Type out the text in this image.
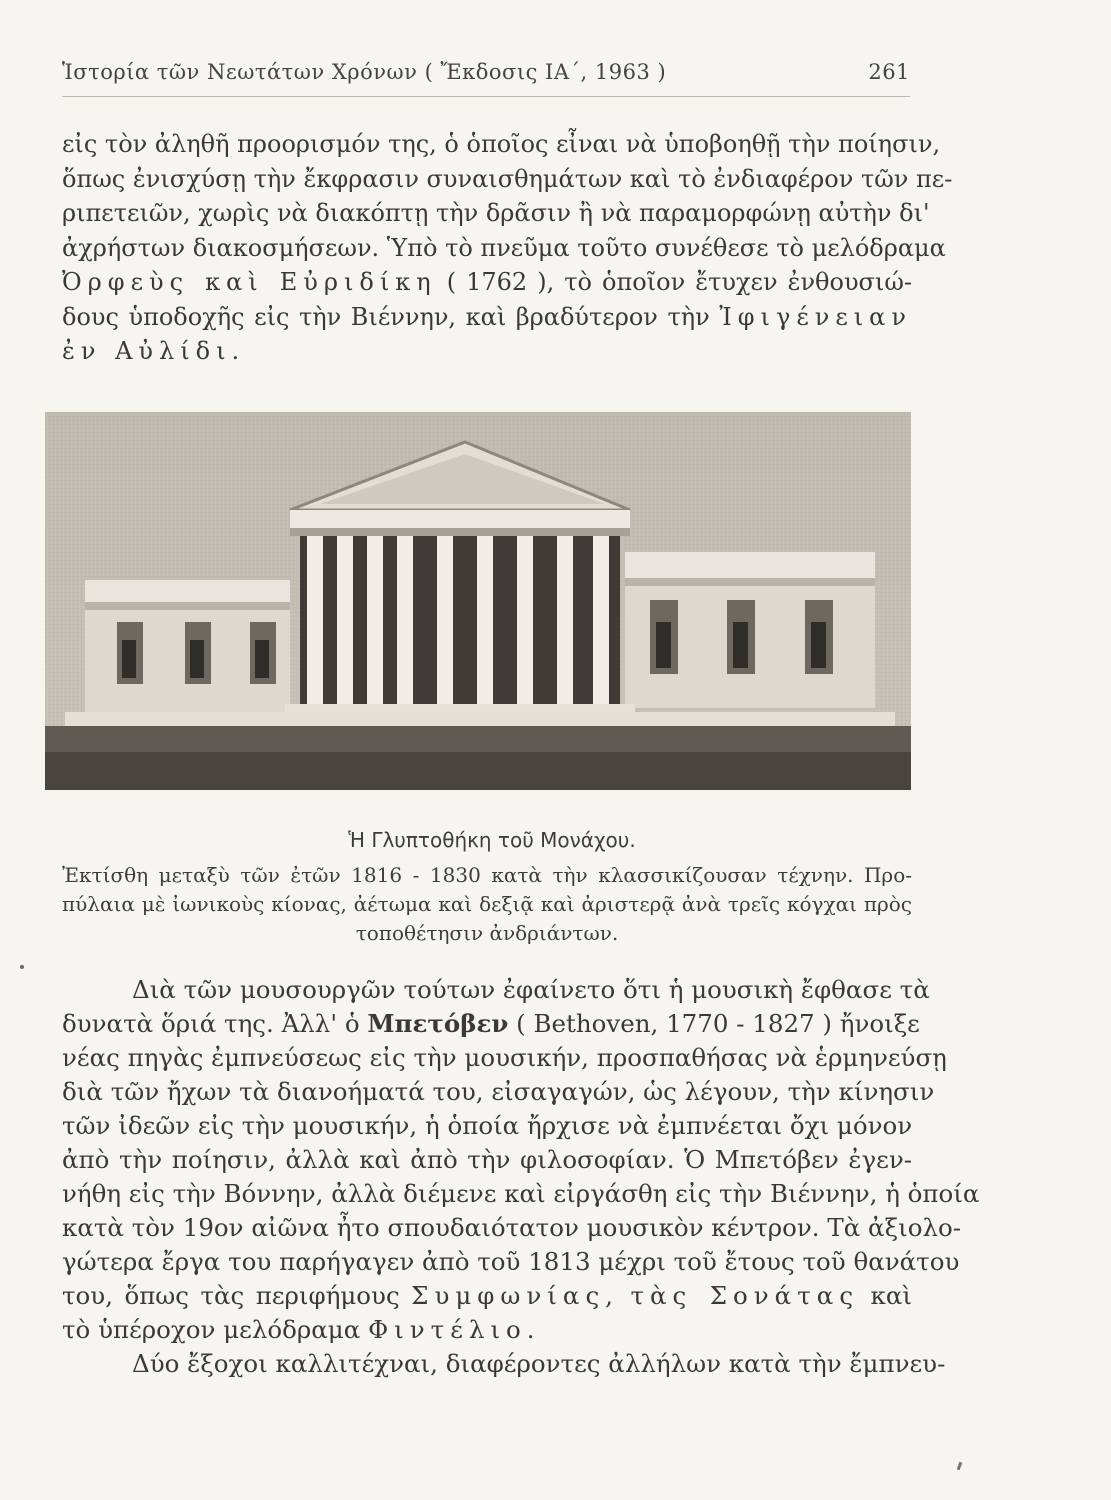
Ἱστορία τῶν Νεωτάτων Χρόνων ( Ἔκδοσις ΙΑ΄, 1963 )	261
εἰς τὸν ἀληθῆ προορισμόν της, ὁ ὁποῖος εἶναι νὰ ὑποβοηθῇ τὴν ποίησιν,
ὅπως ἐνισχύσῃ τὴν ἔκφρασιν συναισθημάτων καὶ τὸ ἐνδιαφέρον τῶν πε-
ριπετειῶν, χωρὶς νὰ διακόπτῃ τὴν δρᾶσιν ἢ νὰ παραμορφώνῃ αὐτὴν δι'
ἀχρήστων διακοσμήσεων. Ὑπὸ τὸ πνεῦμα τοῦτο συνέθεσε τὸ μελόδραμα
Ὀρφεὺς καὶ Εὐριδίκη ( 1762 ), τὸ ὁποῖον ἔτυχεν ἐνθουσιώ-
δους ὑποδοχῆς εἰς τὴν Βιέννην, καὶ βραδύτερον τὴν Ἰφιγένειαν
ἐν Αὐλίδι.
Ἡ Γλυπτοθήκη τοῦ Μονάχου.
Ἐκτίσθη μεταξὺ τῶν ἐτῶν 1816 - 1830 κατὰ τὴν κλασσικίζουσαν τέχνην. Προ-
πύλαια μὲ ἰωνικοὺς κίονας, ἀέτωμα καὶ δεξιᾷ καὶ ἀριστερᾷ ἀνὰ τρεῖς κόγχαι πρὸς
τοποθέτησιν ἀνδριάντων.
Διὰ τῶν μουσουργῶν τούτων ἐφαίνετο ὅτι ἡ μουσικὴ ἔφθασε τὰ
δυνατὰ ὅριά της. Ἀλλ' ὁ Μπετόβεν ( Bethoven, 1770 - 1827 ) ἤνοιξε
νέας πηγὰς ἐμπνεύσεως εἰς τὴν μουσικήν, προσπαθήσας νὰ ἑρμηνεύσῃ
διὰ τῶν ἤχων τὰ διανοήματά του, εἰσαγαγών, ὡς λέγουν, τὴν κίνησιν
τῶν ἰδεῶν εἰς τὴν μουσικήν, ἡ ὁποία ἤρχισε νὰ ἐμπνέεται ὄχι μόνον
ἀπὸ τὴν ποίησιν, ἀλλὰ καὶ ἀπὸ τὴν φιλοσοφίαν. Ὁ Μπετόβεν ἐγεν-
νήθη εἰς τὴν Βόννην, ἀλλὰ διέμενε καὶ εἰργάσθη εἰς τὴν Βιέννην, ἡ ὁποία
κατὰ τὸν 19ον αἰῶνα ἦτο σπουδαιότατον μουσικὸν κέντρον. Τὰ ἀξιολο-
γώτερα ἔργα του παρήγαγεν ἀπὸ τοῦ 1813 μέχρι τοῦ ἔτους τοῦ θανάτου
του, ὅπως τὰς περιφήμους Συμφωνίας, τὰς Σονάτας καὶ
τὸ ὑπέροχον μελόδραμα Φιντέλιο.
Δύο ἔξοχοι καλλιτέχναι, διαφέροντες ἀλλήλων κατὰ τὴν ἔμπνευ-
